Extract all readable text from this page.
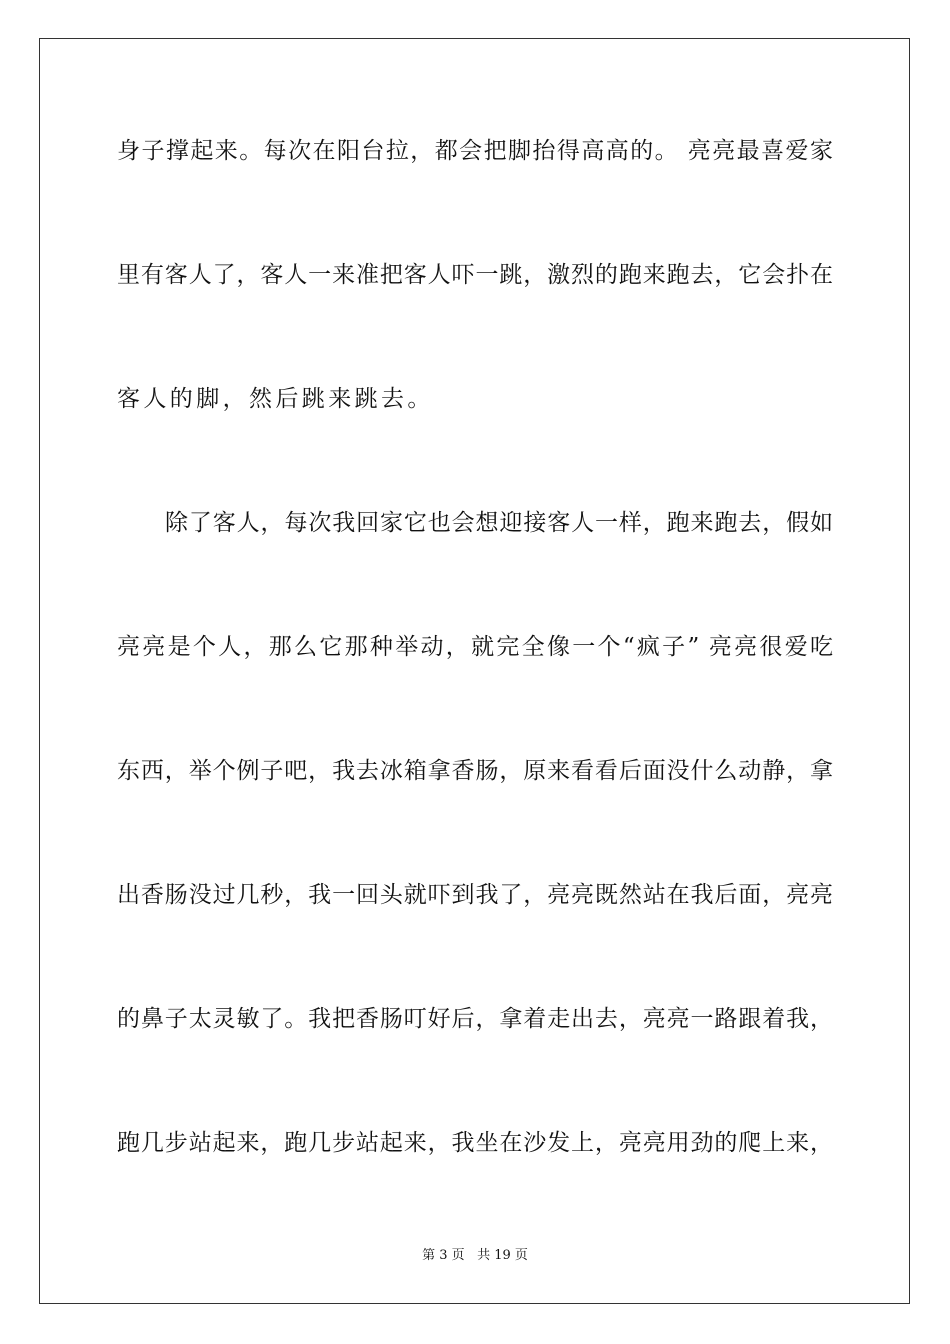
身子撑起来。每次在阳台拉，都会把脚抬得高高的。 亮亮最喜爱家
里有客人了，客人一来准把客人吓一跳，激烈的跑来跑去，它会扑在
客人的脚，然后跳来跳去。
除了客人，每次我回家它也会想迎接客人一样，跑来跑去，假如
亮亮是个人，那么它那种举动，就完全像一个“疯子” 亮亮很爱吃
东西，举个例子吧，我去冰箱拿香肠，原来看看后面没什么动静，拿
出香肠没过几秒，我一回头就吓到我了，亮亮既然站在我后面，亮亮
的鼻子太灵敏了。我把香肠叮好后，拿着走出去，亮亮一路跟着我，
跑几步站起来，跑几步站起来，我坐在沙发上，亮亮用劲的爬上来，
第 3 页 共 19 页
